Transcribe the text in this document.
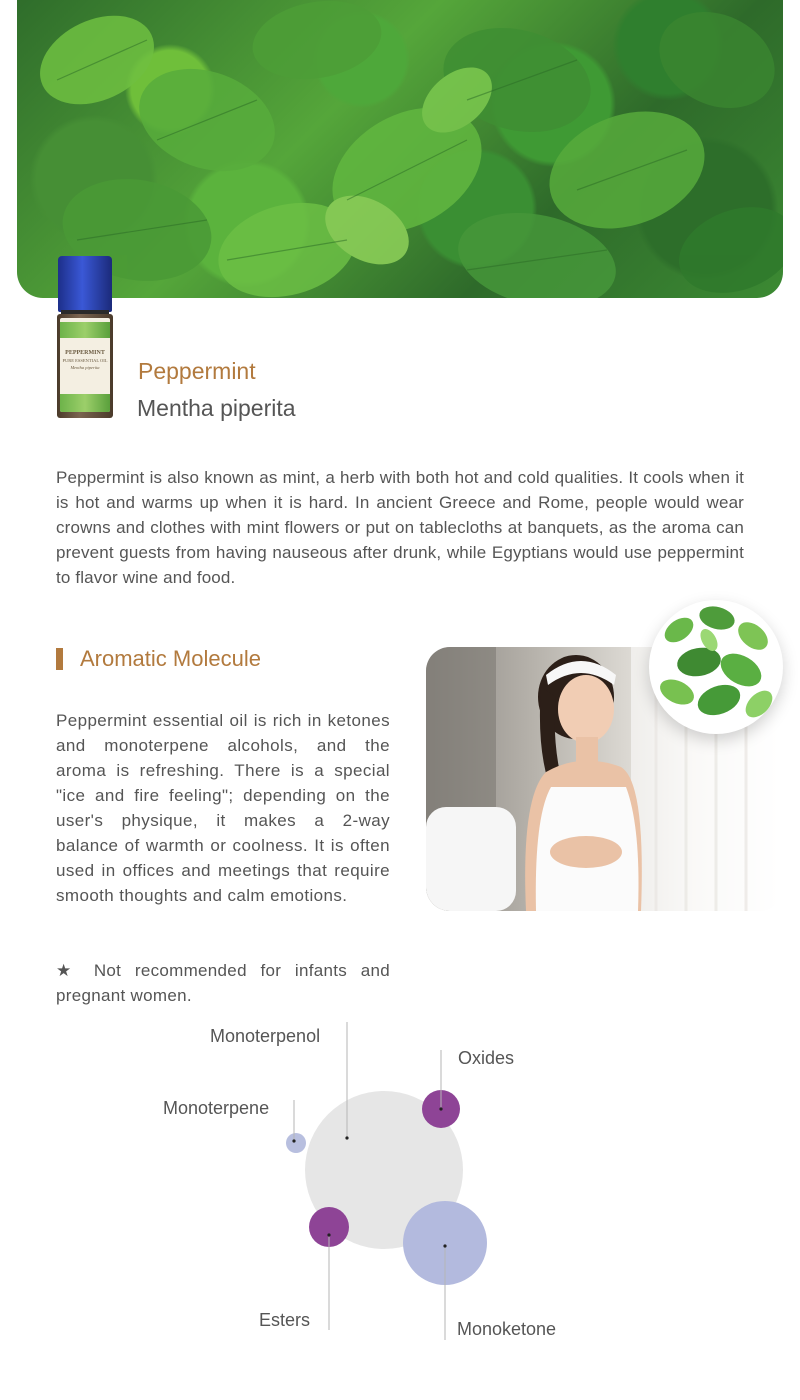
PEPPERMINT
PURE ESSENTIAL OIL
Mentha piperita	Peppermint
Mentha piperita

Peppermint is also known as mint, a herb with both hot and cold qualities. It cools when it is hot and warms up when it is hard. In ancient Greece and Rome, people would wear crowns and clothes with mint flowers or put on tablecloths at banquets, as the aroma can prevent guests from having nauseous after drunk, while Egyptians would use peppermint to flavor wine and food.

Aromatic Molecule

Peppermint essential oil is rich in ketones and monoterpene alcohols, and the aroma is refreshing. There is a special "ice and fire feeling"; depending on the user's physique, it makes a 2-way balance of warmth or coolness. It is often used in offices and meetings that require smooth thoughts and calm emotions.

★ Not recommended for infants and pregnant women.

Monoterpenol
Oxides
Monoterpene
Esters	Monoketone
